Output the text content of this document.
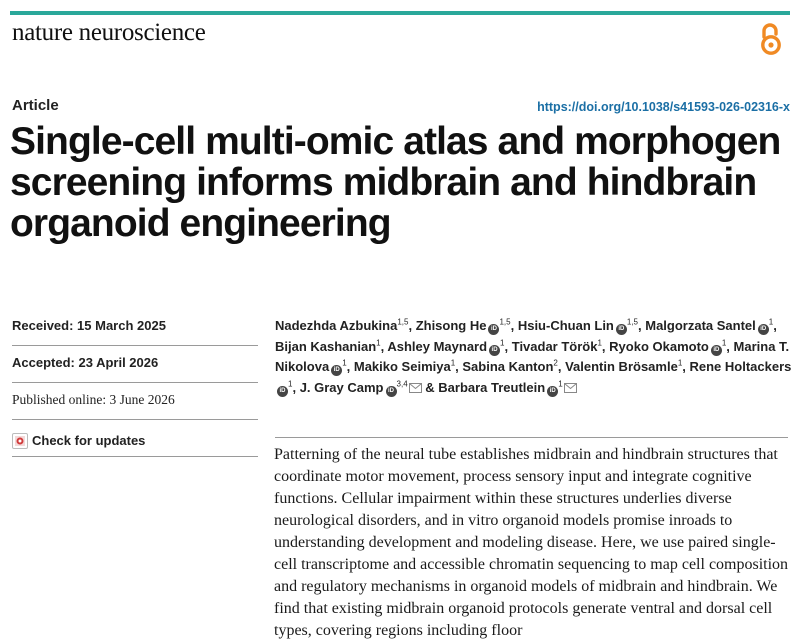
nature neuroscience
Article	https://doi.org/10.1038/s41593-026-02316-x
Single-cell multi-omic atlas and morphogen screening informs midbrain and hindbrain organoid engineering
Received: 15 March 2025
Accepted: 23 April 2026
Published online: 3 June 2026
Check for updates
Nadezhda Azbukina$^{1,5}$, Zhisong He iD$^{1,5}$, Hsiu-Chuan Lin iD$^{1,5}$, Malgorzata Santel $iD^1$, Bijan Kashanian$^1$, Ashley Maynard $iD^1$, Tivadar Török$^1$, Ryoko Okamoto $iD^1$, Marina T. Nikolova $iD^1$, Makiko Seimiya$^1$, Sabina Kanton$^2$, Valentin Brösamle$^1$, Rene HoltackersiD$^1$, J. Gray Camp iD$^{3,4}$ & Barbara Treutlein $iD^1$

Patterning of the neural tube establishes midbrain and hindbrain structures that coordinate motor movement, process sensory input and integrate cognitive functions. Cellular impairment within these structures underlies diverse neurological disorders, and in vitro organoid models promise inroads to understanding development and modeling disease. Here, we use paired single-cell transcriptome and accessible chromatin sequencing to map cell composition and regulatory mechanisms in organoid models of midbrain and hindbrain. We find that existing midbrain organoid protocols generate ventral and dorsal cell types, covering regions including floor
